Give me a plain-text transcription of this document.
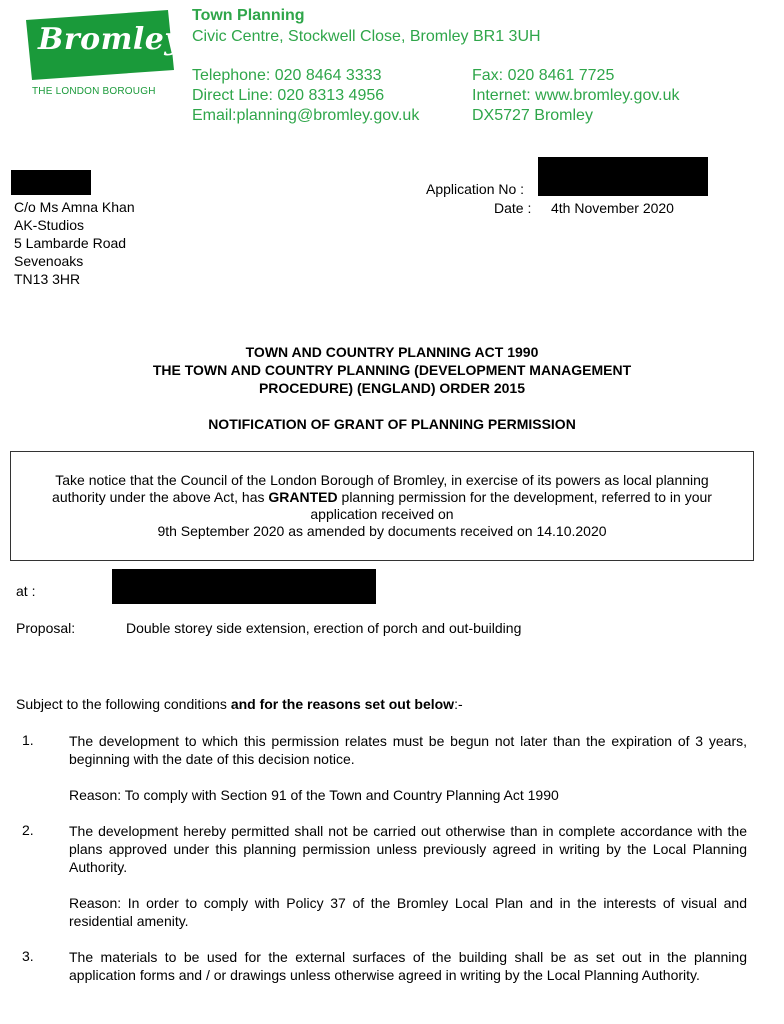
Bromley
THE LONDON BOROUGH
Town Planning
Civic Centre, Stockwell Close, Bromley BR1 3UH
Telephone: 020 8464 3333
Direct Line: 020 8313 4956
Email:planning@bromley.gov.uk
Fax: 020 8461 7725
Internet: www.bromley.gov.uk
DX5727 Bromley
C/o Ms Amna Khan
AK-Studios
5 Lambarde Road
Sevenoaks
TN13 3HR
Application No :
Date : 4th November 2020
TOWN AND COUNTRY PLANNING ACT 1990
THE TOWN AND COUNTRY PLANNING (DEVELOPMENT MANAGEMENT
PROCEDURE) (ENGLAND) ORDER 2015
NOTIFICATION OF GRANT OF PLANNING PERMISSION
Take notice that the Council of the London Borough of Bromley, in exercise of its powers as local planning authority under the above Act, has GRANTED planning permission for the development, referred to in your application received on
9th September 2020 as amended by documents received on 14.10.2020
at :
Proposal:	Double storey side extension, erection of porch and out-building
Subject to the following conditions and for the reasons set out below:-
1.	The development to which this permission relates must be begun not later than the expiration of 3 years, beginning with the date of this decision notice.
Reason: To comply with Section 91 of the Town and Country Planning Act 1990
2.	The development hereby permitted shall not be carried out otherwise than in complete accordance with the plans approved under this planning permission unless previously agreed in writing by the Local Planning Authority.
Reason: In order to comply with Policy 37 of the Bromley Local Plan and in the interests of visual and residential amenity.
3.	The materials to be used for the external surfaces of the building shall be as set out in the planning application forms and / or drawings unless otherwise agreed in writing by the Local Planning Authority.
